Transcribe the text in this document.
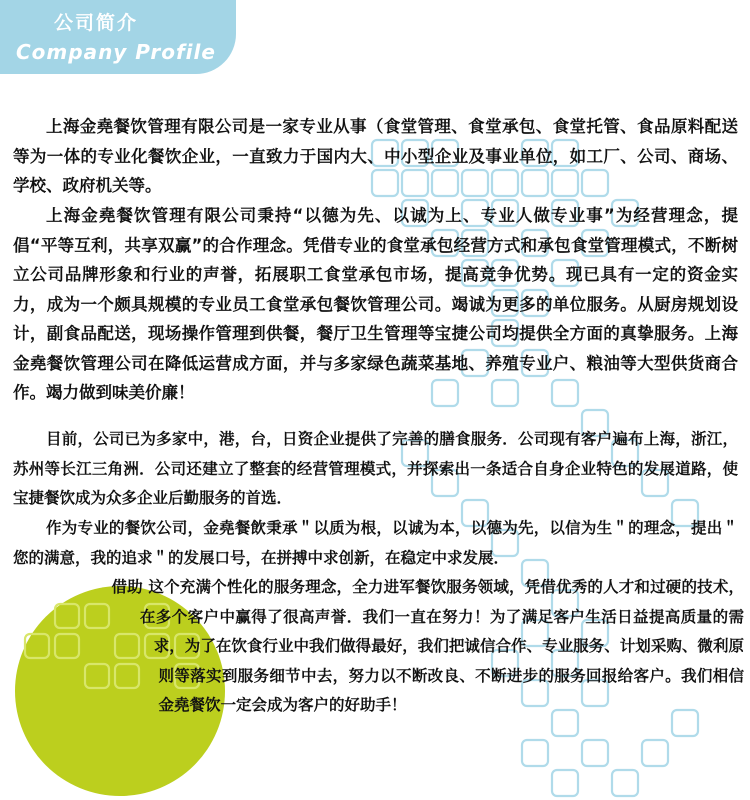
公司简介
Company Profile

上海金堯餐饮管理有限公司是一家专业从事（食堂管理、食堂承包、食堂托管、食品原料配送等为一体的专业化餐饮企业，一直致力于国内大、中小型企业及事业单位，如工厂、公司、商场、学校、政府机关等。

上海金堯餐饮管理有限公司秉持“以德为先、以诚为上、专业人做专业事”为经营理念，提倡“平等互利，共享双赢”的合作理念。凭借专业的食堂承包经营方式和承包食堂管理模式，不断树立公司品牌形象和行业的声誉，拓展职工食堂承包市场，提高竞争优势。现已具有一定的资金实力，成为一个颇具规模的专业员工食堂承包餐饮管理公司。竭诚为更多的单位服务。从厨房规划设计，副食品配送，现场操作管理到供餐，餐厅卫生管理等宝捷公司均提供全方面的真挚服务。上海金堯餐饮管理公司在降低运营成方面，并与多家绿色蔬菜基地、养殖专业户、粮油等大型供货商合作。竭力做到味美价廉！

目前，公司已为多家中，港，台，日资企业提供了完善的膳食服务．公司现有客户遍布上海，浙江，苏州等长江三角洲．公司还建立了整套的经营管理模式，并探索出一条适合自身企业特色的发展道路，使宝捷餐饮成为众多企业后勤服务的首选．

作为专业的餐饮公司，金堯餐飲秉承＂以质为根，以诚为本，以德为先，以信为生＂的理念，提出＂您的满意，我的追求＂的发展口号，在拼搏中求创新，在稳定中求发展．

借助 这个充满个性化的服务理念，全力进军餐饮服务领域，凭借优秀的人才和过硬的技术，在多个客户中赢得了很高声誉．我们一直在努力！为了满足客户生活日益提高质量的需求，为了在饮食行业中我们做得最好，我们把诚信合作、专业服务、计划采购、微利原则等落实到服务细节中去，努力以不断改良、不断进步的服务回报给客户。我们相信金堯餐饮一定会成为客户的好助手！
